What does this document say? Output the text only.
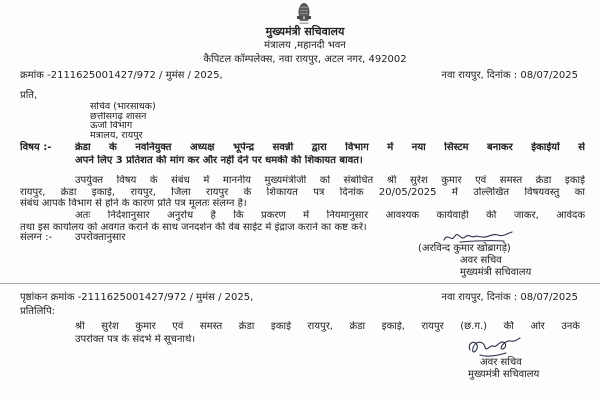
मुख्यमंत्री सचिवालय
मंत्रालय ,महानदी भवन
कैपिटल कॉम्पलेक्स, नवा रायपुर, अटल नगर, 492002
क्रमांक -2111625001427/972 / मुमंस / 2025,	नवा रायपुर, दिनांक : 08/07/2025
प्रति,
सचिव (भारसाधक)
छत्तीसगढ़ शासन
ऊर्जा विभाग
मंत्रालय, रायपुर
विषय :- क्रेडा के नवनियुक्त अध्यक्ष भूपेन्द्र सवन्नी द्वारा विभाग में नया सिस्टम बनाकर ईकाईयों से
अपने लिए 3 प्रतिशत की मांग कर और नहीं देने पर धमकी की शिकायत बावत।
उपर्युक्त विषय के संबंध में माननीय मुख्यमंत्रीजी को संबोधित श्री सुरेश कुमार एवं समस्त क्रेडा इकाई
रायपुर, क्रेडा इकाई, रायपुर, जिला रायपुर के शिकायत पत्र दिनांक 20/05/2025 में उल्लिखित विषयवस्तु का
संबंध आपके विभाग से होने के कारण प्रति पत्र मूलतः संलग्न है।
अतः निर्देशानुसार अनुरोध है कि प्रकरण में नियमानुसार आवश्यक कार्यवाही की जाकर, आवेदक
तथा इस कार्यालय को अवगत कराने के साथ जनदर्शन की वेब साईट में इंद्राज कराने का कष्ट करें।
संलग्न :- उपरोक्तानुसार
(अरविन्द कुमार खोब्रागड़े)
अवर सचिव
मुख्यमंत्री सचिवालय
पृष्ठांकन क्रमांक -2111625001427/972 / मुमंस / 2025,	नवा रायपुर, दिनांक : 08/07/2025
प्रतिलिपि:
श्री सुरेश कुमार एवं समस्त क्रेडा इकाई रायपुर, क्रेडा इकाई, रायपुर (छ.ग.) की ओर उनके
उपरोक्त पत्र के संदर्भ में सूचनार्थ।
अवर सचिव
मुख्यमंत्री सचिवालय
